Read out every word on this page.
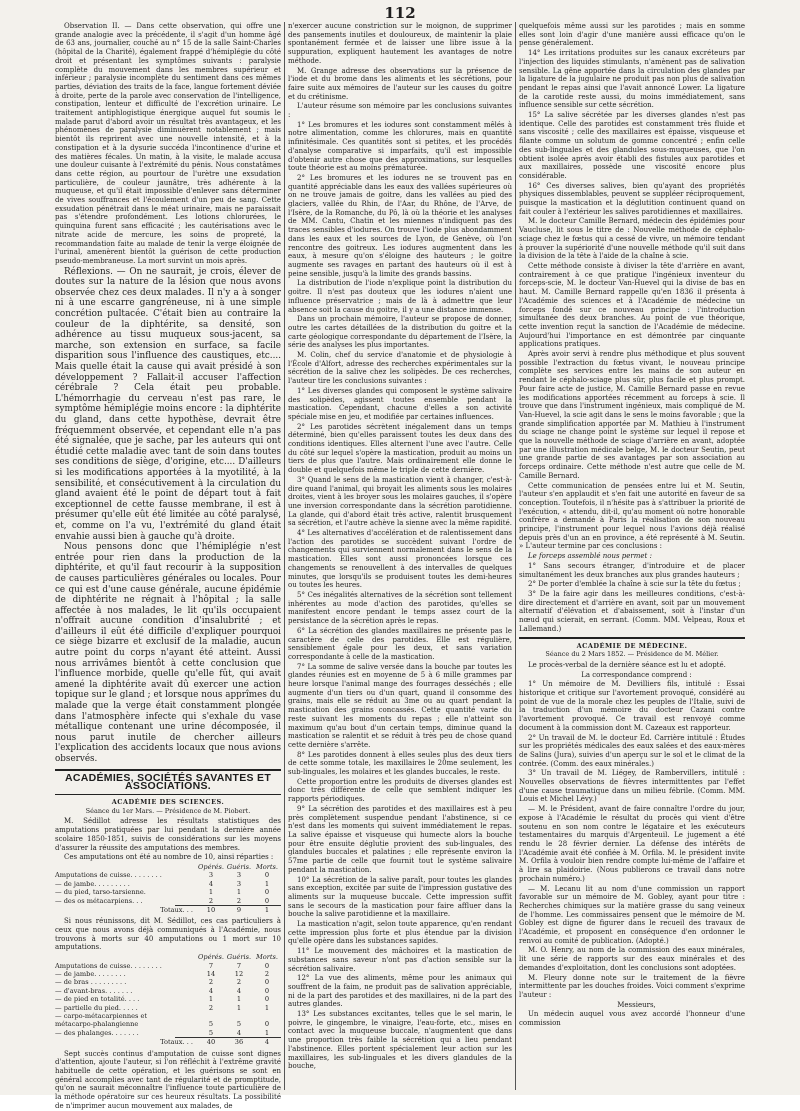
112

Observation II. — Dans cette observation, qui offre une grande analogie avec la précédente, il s'agit d'un homme âgé de 63 ans, journalier, couché au n° 15 de la salle Saint-Charles (hôpital de la Charité), également frappé d'hémiplégie du côté droit et présentant les symptômes suivants : paralysie complète du mouvement dans les membres supérieur et inférieur ; paralysie incomplète du sentiment dans ces mêmes parties, déviation des traits de la face, langue fortement déviée à droite, perte de la parole avec conservation de l'intelligence, constipation, lenteur et difficulté de l'excrétion urinaire. Le traitement antiphlogistique énergique auquel fut soumis le malade parut d'abord avoir un résultat très avantageux, et les phénomènes de paralysie diminuèrent notablement ; mais bientôt ils reprirent avec une nouvelle intensité, et à la constipation et à la dysurie succéda l'incontinence d'urine et des matières fécales. Un matin, à la visite, le malade accusa une douleur cuisante à l'extrémité du pénis. Nous constatâmes dans cette région, au pourtour de l'urètre une exsudation particulière, de couleur jaunâtre, très adhérente à la muqueuse, et qu'il était impossible d'enlever sans déterminer de vives souffrances et l'écoulement d'un peu de sang. Cette exsudation pénétrait dans le méat urinaire, mais ne paraissait pas s'étendre profondément. Les lotions chlorurées, le quinquina furent sans efficacité ; les cautérisations avec le nitrate acide de mercure, les soins de propreté, la recommandation faite au malade de tenir la verge éloignée de l'urinal, amenèrent bientôt la guérison de cette production pseudo-membraneuse. La mort survint un mois après.

Réflexions. — On ne saurait, je crois, élever de doutes sur la nature de la lésion que nous avons observée chez ces deux malades. Il n'y a à songer ni à une escarre gangréneuse, ni à une simple concrétion pultacée. C'était bien au contraire la couleur de la diphtérite, sa densité, son adhérence au tissu muqueux sous-jacent, sa marche, son extension en surface, sa facile disparition sous l'influence des caustiques, etc.... Mais quelle était la cause qui avait présidé à son développement ? Fallait-il accuser l'affection cérébrale ? Cela était peu probable. L'hémorrhagie du cerveau n'est pas rare, le symptôme hémiplégie moins encore : la diphtérite du gland, dans cette hypothèse, devrait être fréquemment observée, et cependant elle n'a pas été signalée, que je sache, par les auteurs qui ont étudié cette maladie avec tant de soin dans toutes ses conditions de siège, d'origine, etc.... D'ailleurs si les modifications apportées à la myotilité, à la sensibilité, et consécutivement à la circulation du gland avaient été le point de départ tout à fait exceptionnel de cette fausse membrane, il est à présumer qu'elle eût été limitée au côté paralysé, et, comme on l'a vu, l'extrémité du gland était envahie aussi bien à gauche qu'à droite.

Nous pensons donc que l'hémiplégie n'est entrée pour rien dans la production de la diphtérite, et qu'il faut recourir à la supposition de causes particulières générales ou locales. Pour ce qui est d'une cause générale, aucune épidémie de diphtérite ne régnait à l'hôpital ; la salle affectée à nos malades, le lit qu'ils occupaient n'offrait aucune condition d'insalubrité ; et d'ailleurs il eût été difficile d'expliquer pourquoi ce siège bizarre et exclusif de la maladie, aucun autre point du corps n'ayant été atteint. Aussi nous arrivâmes bientôt à cette conclusion que l'influence morbide, quelle qu'elle fût, qui avait amené la diphtérite avait dû exercer une action topique sur le gland ; et lorsque nous apprîmes du malade que la verge était constamment plongée dans l'atmosphère infecte qui s'exhale du vase métallique contenant une urine décomposée, il nous parut inutile de chercher ailleurs l'explication des accidents locaux que nous avions observés.

ACADÉMIES, SOCIÉTÉS SAVANTES ET ASSOCIATIONS.
ACADÉMIE DES SCIENCES.
Séance du 1er Mars. — Présidence de M. Piobert.

M. Sédillot adresse les résultats statistiques des amputations pratiquées par lui pendant la dernière année scolaire 1850-1851, suivis de considérations sur les moyens d'assurer la réussite des amputations des membres.

Ces amputations ont été au nombre de 10, ainsi réparties :

Opérés. Guéris. Morts.
Amputations de cuisse. . . . . . . .	3	3	0
— de jambe. . . . . . . . .	4	3	1
— du pied, tarso-tarsienne.	1	1	0
— des os métacarpiens. . .	2	2	0
Totaux. . .	10	9	1

Si nous réunissons, dit M. Sédillot, ces cas particuliers à ceux que nous avons déjà communiqués à l'Académie, nous trouvons à morts sur 40 amputations ou 1 mort sur 10 amputations.

Opérés. Guéris. Morts.
Amputations de cuisse. . . . . . . .	7	7	0
— de jambe. . . . . . . .	14	12	2
— de bras . . . . . . . . .	2	2	0
— d'avant-bras. . . . . . .	4	4	0
— de pied en totalité. . . .	1	1	0
— partielle du pied. . . . .	2	1	1
— carpo-métacarpiennes et
métacarpo-phalangienne	5	5	0
— des phalanges. . . . . . .	5	4	1
Totaux. . .	40	36	4

Sept succès continus d'amputation de cuisse sont dignes d'attention, ajoute l'auteur, si l'on réfléchit à l'extrême gravité habituelle de cette opération, et les guérisons se sont en général accomplies avec tant de régularité et de promptitude, qu'on ne saurait méconnaître l'influence toute particulière de la méthode opératoire sur ces heureux résultats. La possibilité de n'imprimer aucun mouvement aux malades, de

n'exercer aucune constriction sur le moignon, de supprimer des pansements inutiles et douloureux, de maintenir la plaie spontanément fermée et de laisser une libre issue à la suppuration, expliquent hautement les avantages de notre méthode.

M. Grange adresse des observations sur la présence de l'iode et du brome dans les aliments et les sécrétions, pour faire suite aux mémoires de l'auteur sur les causes du goitre et du crétinisme.

L'auteur résume son mémoire par les conclusions suivantes :

1° Les bromures et les iodures sont constamment mêlés à notre alimentation, comme les chlorures, mais en quantité infinitésimale. Ces quantités sont si petites, et les procédés d'analyse comparative si imparfaits, qu'il est impossible d'obtenir autre chose que des approximations, sur lesquelles toute théorie est au moins prématurée.

2° Les bromures et les iodures ne se trouvent pas en quantité appréciable dans les eaux des vallées supérieures où on ne trouve jamais de goitre, dans les vallées au pied des glaciers, vallée du Rhin, de l'Aar, du Rhône, de l'Arve, de l'Isère, de la Romanche, du Pô, là où la théorie et les analyses de MM. Cantu, Chatin et les miennes n'indiquent pas des traces sensibles d'iodures. On trouve l'iode plus abondamment dans les eaux et les sources de Lyon, de Genève, où l'on rencontre des goitreux. Les iodures augmentent dans les eaux, à mesure qu'on s'éloigne des hauteurs ; le goitre augmente ses ravages en partant des hauteurs où il est à peine sensible, jusqu'à la limite des grands bassins.

La distribution de l'iode n'explique point la distribution du goitre. Il n'est pas douteux que les iodures n'aient une influence préservatrice ; mais de là à admettre que leur absence soit la cause du goitre, il y a une distance immense.

Dans un prochain mémoire, l'auteur se propose de donner, outre les cartes détaillées de la distribution du goitre et la carte géologique correspondante du département de l'Isère, la série des analyses les plus importantes.

M. Colin, chef du service d'anatomie et de physiologie à l'École d'Alfort, adresse des recherches expérimentales sur la sécrétion de la salive chez les solipèdes. De ces recherches, l'auteur tire les conclusions suivantes :

1° Les diverses glandes qui composent le système salivaire des solipèdes, agissent toutes ensemble pendant la mastication. Cependant, chacune d'elles a son activité spéciale mise en jeu, et modifiée par certaines influences.

2° Les parotides sécrètent inégalement dans un temps déterminé, bien qu'elles paraissent toutes les deux dans des conditions identiques. Elles alternent l'une avec l'autre. Celle du côté sur lequel s'opère la mastication, produit au moins un tiers de plus que l'autre. Mais ordinairement elle donne le double et quelquefois même le triple de cette dernière.

3° Quand le sens de la mastication vient à changer, c'est-à-dire quand l'animal, qui broyait les aliments sous les molaires droites, vient à les broyer sous les molaires gauches, il s'opère une inversion correspondante dans la sécrétion parotidienne. La glande, qui d'abord était très active, ralentit brusquement sa sécrétion, et l'autre achève la sienne avec la même rapidité.

4° Les alternatives d'accélération et de ralentissement dans l'action des parotides se succèdent suivant l'ordre de changements qui surviennent normalement dans le sens de la mastication. Elles sont aussi prononcées lorsque ces changements se renouvellent à des intervalles de quelques minutes, que lorsqu'ils se produisent toutes les demi-heures ou toutes les heures.

5° Ces inégalités alternatives de la sécrétion sont tellement inhérentes au mode d'action des parotides, qu'elles se manifestent encore pendant le temps assez court de la persistance de la sécrétion après le repas.

6° La sécrétion des glandes maxillaires ne présente pas le caractère de celle des parotides. Elle est régulière, sensiblement égale pour les deux, et sans variation correspondante à celle de la mastication.

7° La somme de salive versée dans la bouche par toutes les glandes réunies est en moyenne de 5 à 6 mille grammes par heure lorsque l'animal mange des fourrages desséchés ; elle augmente d'un tiers ou d'un quart, quand il consomme des grains, mais elle se réduit au 3me ou au quart pendant la mastication des grains concassés. Cette quantité varie du reste suivant les moments du repas ; elle n'atteint son maximum qu'au bout d'un certain temps, diminue quand la mastication se ralentit et se réduit à très peu de chose quand cette dernière s'arrête.

8° Les parotides donnent à elles seules plus des deux tiers de cette somme totale, les maxillaires le 20me seulement, les sub-linguales, les molaires et les glandes buccales, le reste.

Cette proportion entre les produits de diverses glandes est donc très différente de celle que semblent indiquer les rapports périodiques.

9° La sécrétion des parotides et des maxillaires est à peu près complètement suspendue pendant l'abstinence, si ce n'est dans les moments qui suivent immédiatement le repas. La salive épaisse et visqueuse qui humecte alors la bouche pour être ensuite déglutie provient des sub-linguales, des glandules buccales et palatines ; elle représente environ la 57me partie de celle que fournit tout le système salivaire pendant la mastication.

10° La sécrétion de la salive paraît, pour toutes les glandes sans exception, excitée par suite de l'impression gustative des aliments sur la muqueuse buccale. Cette impression suffit sans le secours de la mastication pour faire affluer dans la bouche la salive parotidienne et la maxillaire.

La mastication n'agit, selon toute apparence, qu'en rendant cette impression plus forte et plus étendue par la division qu'elle opère dans les substances sapides.

11° Le mouvement des mâchoires et la mastication de substances sans saveur n'ont pas d'action sensible sur la sécrétion salivaire.

12° La vue des aliments, même pour les animaux qui souffrent de la faim, ne produit pas de salivation appréciable, ni de la part des parotides et des maxillaires, ni de la part des autres glandes.

13° Les substances excitantes, telles que le sel marin, le poivre, le gingembre, le vinaigre, l'eau-forte, etc., mises en contact avec la muqueuse buccale, n'augmentent que dans une proportion très faible la sécrétion qui a lieu pendant l'abstinence. Elles portent spécialement leur action sur les maxillaires, les sub-linguales et les divers glandules de la bouche,

quelquefois même aussi sur les parotides ; mais en somme elles sont loin d'agir d'une manière aussi efficace qu'on le pense généralement.

14° Les irritations produites sur les canaux excréteurs par l'injection des liquides stimulants, n'amènent pas de salivation sensible. La gêne apportée dans la circulation des glandes par la ligature de la jugulaire ne produit pas non plus de salivation pendant le repas ainsi que l'avait annoncé Lower. La ligature de la carotide reste aussi, du moins immédiatement, sans influence sensible sur cette sécrétion.

15° La salive sécrétée par les diverses glandes n'est pas identique. Celle des parotides est constamment très fluide et sans viscosité ; celle des maxillaires est épaisse, visqueuse et filante comme un solutum de gomme concentré ; enfin celle des sub-linguales et des glandules sous-muqueuses, que l'on obtient isolée après avoir établi des fistules aux parotides et aux maxillaires, possède une viscosité encore plus considérable.

16° Ces diverses salives, bien qu'ayant des propriétés physiques dissemblables, peuvent se suppléer réciproquement, puisque la mastication et la déglutition continuent quand on fait couler à l'extérieur les salives parotidiennes et maxillaires.

M. le docteur Camille Bernard, médecin des épidémies pour Vaucluse, lit sous le titre de : Nouvelle méthode de céphalo-sciage chez le fœtus qui a cessé de vivre, un mémoire tendant à prouver la supériorité d'une nouvelle méthode qu'il suit dans la division de la tête à l'aide de la chaîne à scie.

Cette méthode consiste à diviser la tête d'arrière en avant, contrairement à ce que pratique l'ingénieux inventeur du forceps-scie, M. le docteur Van-Huevel qui la divise de bas en haut. M. Camille Bernard rappelle qu'en 1836 il présenta à l'Académie des sciences et à l'Académie de médecine un forceps fondé sur ce nouveau principe : l'introduction simultanée des deux branches. Au point de vue théorique, cette invention reçut la sanction de l'Académie de médecine. Aujourd'hui l'importance en est démontrée par cinquante applications pratiques.

Après avoir servi à rendre plus méthodique et plus souvent possible l'extraction du fœtus vivant, le nouveau principe complète ses services entre les mains de son auteur en rendant le céphalo-sciage plus sûr, plus facile et plus prompt. Pour faire acte de justice, M. Camille Bernard passe en revue les modifications apportées récemment au forceps à scie. Il trouve que dans l'instrument ingénieux, mais compliqué de M. Van-Huevel, la scie agit dans le sens le moins favorable ; que la grande simplification apportée par M. Mathieu à l'instrument du sciage ne change point le système sur lequel il repose et que la nouvelle méthode de sciage d'arrière en avant, adoptée par une illustration médicale belge, M. le docteur Seutin, peut une grande partie de ses avantages par son association au forceps ordinaire. Cette méthode n'est autre que celle de M. Camille Bernard.

Cette communication de pensées entre lui et M. Seutin, l'auteur s'en applaudit et s'en fait une autorité en faveur de sa conception. Toutefois, il n'hésite pas à s'attribuer la priorité de l'exécution, « attendu, dit-il, qu'au moment où notre honorable confrère a demandé à Paris la réalisation de son nouveau principe, l'instrument pour lequel nous l'avions déjà réalisé depuis près d'un an en province, a été représenté à M. Seutin. » L'auteur termine par ces conclusions :

Le forceps assemblé nous permet :

1° Sans secours étranger, d'introduire et de placer simultanément les deux branches aux plus grandes hauteurs ;

2° De porter d'emblée la chaîne à scie sur la tête du fœtus ;

3° De la faire agir dans les meilleures conditions, c'est-à-dire directement et d'arrière en avant, soit par un mouvement alternatif d'élévation et d'abaissement, soit à l'instar d'un nœud qui scierait, en serrant. (Comm. MM. Velpeau, Roux et Lallemand.)

ACADÉMIE DE MÉDECINE.
Séance du 2 Mars 1852. — Présidence de M. Mélier.

Le procès-verbal de la dernière séance est lu et adopté.

La correspondance comprend :

1° Un mémoire de M. Devilliers fils, intitulé : Essai historique et critique sur l'avortement provoqué, considéré au point de vue de la morale chez les peuples de l'Italie, suivi de la traduction d'un mémoire du docteur Cazani contre l'avortement provoqué. Ce travail est renvoyé comme document à la commission dont M. Cazeaux est rapporteur.

2° Un travail de M. le docteur Ed. Carrière intitulé : Études sur les propriétés médicales des eaux salées et des eaux-mères de Salins (Jura), suivies d'un aperçu sur le sol et le climat de la contrée. (Comm. des eaux minérales.)

3° Un travail de M. Liégey, de Rambervillers, intitulé : Nouvelles observations de fièvres intermittentes par l'effet d'une cause traumatique dans un milieu fébrile. (Comm. MM. Louis et Michel Lévy.)

— M. le Président, avant de faire connaître l'ordre du jour, expose à l'Académie le résultat du procès qui vient d'être soutenu en son nom contre le légataire et les exécuteurs testamentaires du marquis d'Argenteuil. Le jugement a été rendu le 28 février dernier. La défense des intérêts de l'Académie avait été confiée à M. Orfila. M. le président invite M. Orfila à vouloir bien rendre compte lui-même de l'affaire et à lire sa plaidoirie. (Nous publierons ce travail dans notre prochain numéro.)

— M. Lecanu lit au nom d'une commission un rapport favorable sur un mémoire de M. Gobley, ayant pour titre : Recherches chimiques sur la matière grasse du sang veineux de l'homme. Les commissaires pensent que le mémoire de M. Gobley est digne de figurer dans le recueil des travaux de l'Académie, et proposent en conséquence d'en ordonner le renvoi au comité de publication. (Adopté.)

M. O. Henry, au nom de la commission des eaux minérales, lit une série de rapports sur des eaux minérales et des demandes d'exploitation, dont les conclusions sont adoptées.

M. Fleury donne note sur le traitement de la fièvre intermittente par les douches froides. Voici comment s'exprime l'auteur :

Messieurs,

Un médecin auquel vous avez accordé l'honneur d'une commission
